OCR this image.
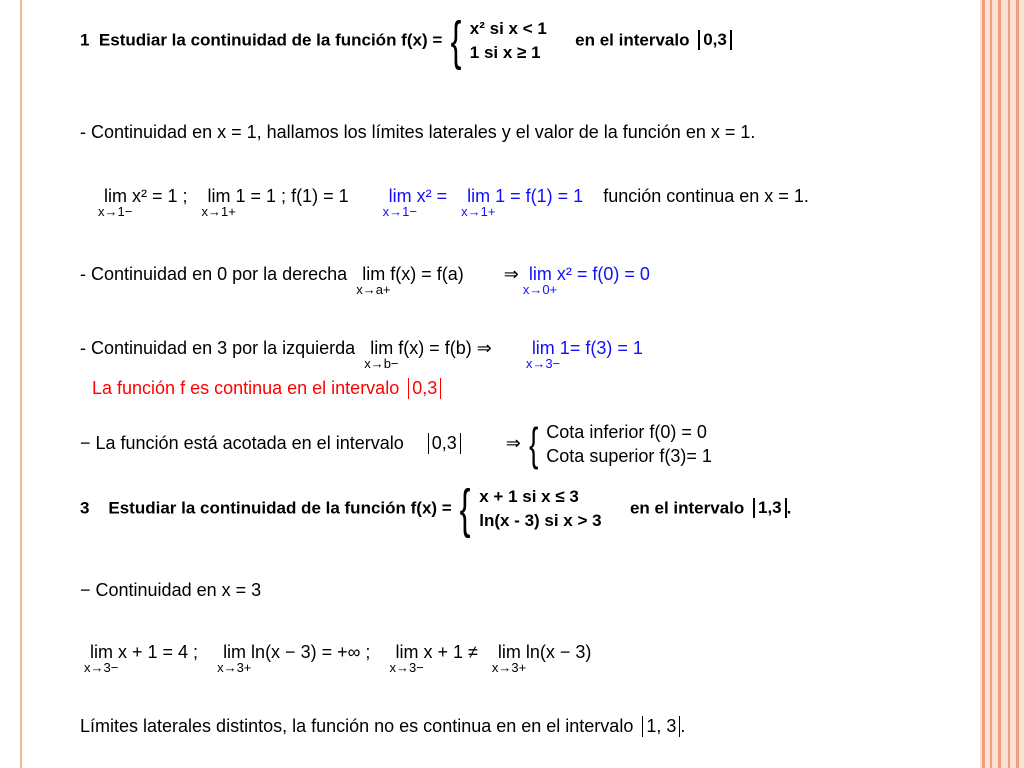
1 Estudiar la continuidad de la función f(x) = { x² si x < 1
1 si x ≥ 1
en el intervalo 0,3
- Continuidad en x = 1, hallamos los límites laterales y el valor de la función en x = 1.
lim x² = 1 ;
x→1−
lim 1 = 1 ; f(1) = 1
x→1+
lim x² =
x→1−
lim 1 = f(1) = 1
x→1+
función continua en x = 1.
- Continuidad en 0 por la derecha lim f(x) = f(a)
x→a+
⇒ lim x² = f(0) = 0
x→0+
- Continuidad en 3 por la izquierda lim f(x) = f(b) ⇒
x→b−
lim 1= f(3) = 1
x→3−
La función f es continua en el intervalo 0,3
− La función está acotada en el intervalo 0,3	⇒ { Cota inferior f(0) = 0
Cota superior f(3)= 1
3 Estudiar la continuidad de la función f(x) = { x + 1 si x ≤ 3
ln(x - 3) si x > 3
en el intervalo 1,3 .
− Continuidad en x = 3
lim x + 1 = 4 ;
x→3−
lim ln(x − 3) = +∞ ;
x→3+
lim x + 1 ≠
x→3−
lim ln(x − 3)
x→3+
Límites laterales distintos, la función no es continua en en el intervalo 1, 3 .
